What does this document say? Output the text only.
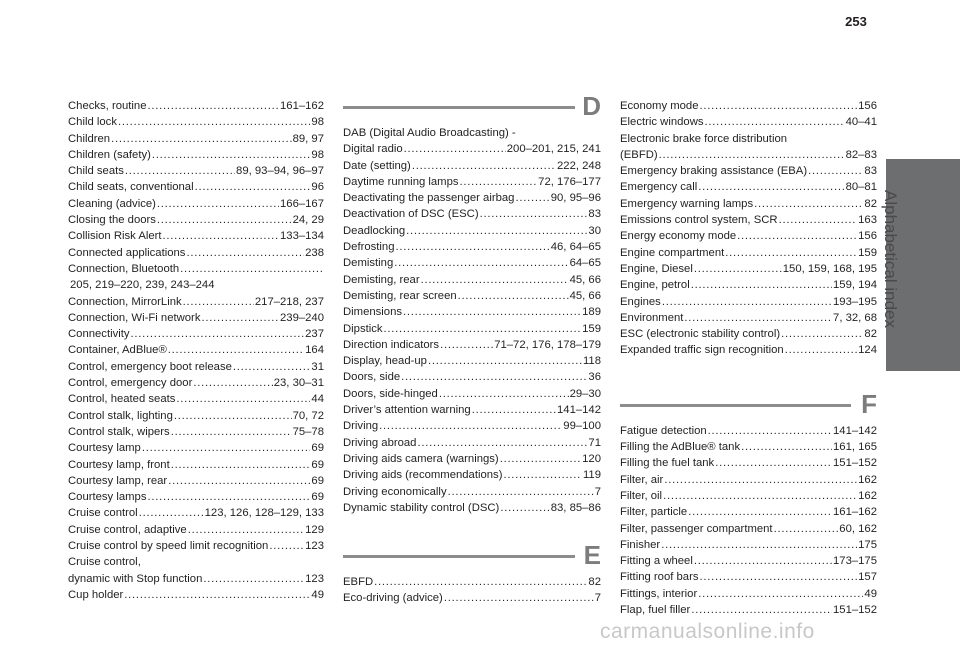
253
Alphabetical index
Checks, routine . . .	161–162
Child lock . . .	98
Children . . .	89, 97
Children (safety) . . .	98
Child seats . . .	89, 93–94, 96–97
Child seats, conventional . . .	96
Cleaning (advice) . . .	166–167
Closing the doors . . .	24, 29
Collision Risk Alert . . .	133–134
Connected applications . . .	238
Connection, Bluetooth
. . .
205, 219–220, 239, 243–244
Connection, MirrorLink . . .	217–218, 237
Connection, Wi-Fi network . . .	239–240
Connectivity . . .	237
Container, AdBlue® . . .	164
Control, emergency boot release . . .	31
Control, emergency door . . .	23, 30–31
Control, heated seats . . .	44
Control stalk, lighting . . .	70, 72
Control stalk, wipers . . .	75–78
Courtesy lamp . . .	69
Courtesy lamp, front . . .	69
Courtesy lamp, rear . . .	69
Courtesy lamps . . .	69
Cruise control . . .	123, 126, 128–129, 133
Cruise control, adaptive . . .	129
Cruise control by speed limit recognition . . .	123
Cruise control,
dynamic with Stop function . . .	123
Cup holder . . .	49
D
DAB (Digital Audio Broadcasting) -
Digital radio . . .	200–201, 215, 241
Date (setting) . . .	222, 248
Daytime running lamps . . .	72, 176–177
Deactivating the passenger airbag . . .	90, 95–96
Deactivation of DSC (ESC) . . .	83
Deadlocking . . .	30
Defrosting . . .	46, 64–65
Demisting . . .	64–65
Demisting, rear . . .	45, 66
Demisting, rear screen . . .	45, 66
Dimensions . . .	189
Dipstick . . .	159
Direction indicators . . .	71–72, 176, 178–179
Display, head-up . . .	118
Doors, side . . .	36
Doors, side-hinged . . .	29–30
Driver’s attention warning . . .	141–142
Driving . . .	99–100
Driving abroad . . .	71
Driving aids camera (warnings) . . .	120
Driving aids (recommendations) . . .	119
Driving economically . . .	7
Dynamic stability control (DSC) . . .	83, 85–86
E
EBFD . . .	82
Eco-driving (advice) . . .	7
Economy mode . . .	156
Electric windows . . .	40–41
Electronic brake force distribution
(EBFD) . . .	82–83
Emergency braking assistance (EBA) . . .	83
Emergency call . . .	80–81
Emergency warning lamps . . .	82
Emissions control system, SCR . . .	163
Energy economy mode . . .	156
Engine compartment . . .	159
Engine, Diesel . . .	150, 159, 168, 195
Engine, petrol . . .	159, 194
Engines . . .	193–195
Environment . . .	7, 32, 68
ESC (electronic stability control) . . .	82
Expanded traffic sign recognition . . .	124
F
Fatigue detection . . .	141–142
Filling the AdBlue® tank . . .	161, 165
Filling the fuel tank . . .	151–152
Filter, air . . .	162
Filter, oil . . .	162
Filter, particle . . .	161–162
Filter, passenger compartment . . .	60, 162
Finisher . . .	175
Fitting a wheel . . .	173–175
Fitting roof bars . . .	157
Fittings, interior . . .	49
Flap, fuel filler . . .	151–152
carmanualsonline.info
